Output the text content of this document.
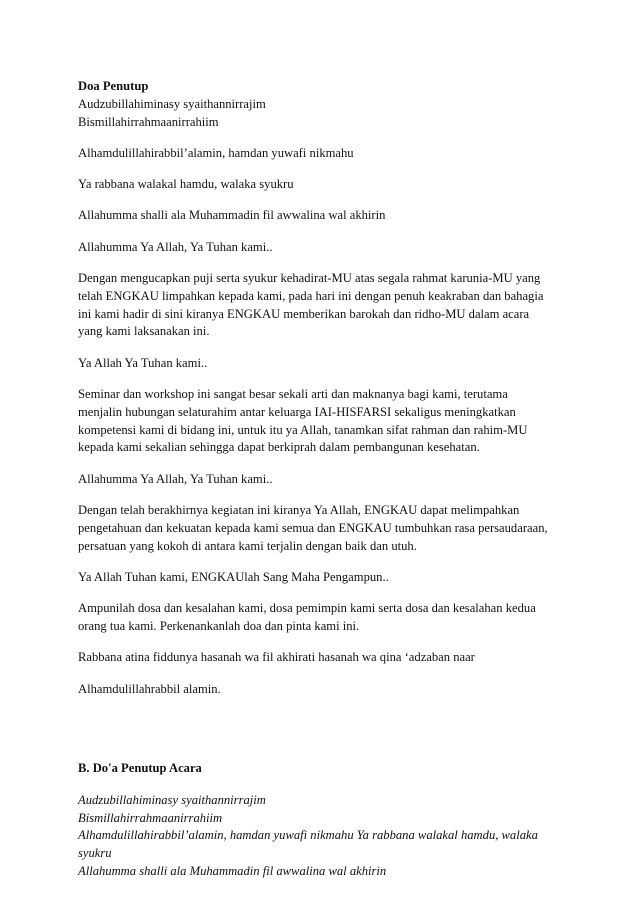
Doa Penutup

Audzubillahiminasy syaithannirrajim

Bismillahirrahmaanirrahiim

Alhamdulillahirabbil’alamin, hamdan yuwafi nikmahu

Ya rabbana walakal hamdu, walaka syukru

Allahumma shalli ala Muhammadin fil awwalina wal akhirin

Allahumma Ya Allah, Ya Tuhan kami..

Dengan mengucapkan puji serta syukur kehadirat-MU atas segala rahmat karunia-MU yang

telah ENGKAU limpahkan kepada kami, pada hari ini dengan penuh keakraban dan bahagia

ini kami hadir di sini kiranya ENGKAU memberikan barokah dan ridho-MU dalam acara

yang kami laksanakan ini.

Ya Allah Ya Tuhan kami..

Seminar dan workshop ini sangat besar sekali arti dan maknanya bagi kami, terutama

menjalin hubungan selaturahim antar keluarga IAI-HISFARSI sekaligus meningkatkan

kompetensi kami di bidang ini, untuk itu ya Allah, tanamkan sifat rahman dan rahim-MU

kepada kami sekalian sehingga dapat berkiprah dalam pembangunan kesehatan.

Allahumma Ya Allah, Ya Tuhan kami..

Dengan telah berakhirnya kegiatan ini kiranya Ya Allah, ENGKAU dapat melimpahkan

pengetahuan dan kekuatan kepada kami semua dan ENGKAU tumbuhkan rasa persaudaraan,

persatuan yang kokoh di antara kami terjalin dengan baik dan utuh.

Ya Allah Tuhan kami, ENGKAUlah Sang Maha Pengampun..

Ampunilah dosa dan kesalahan kami, dosa pemimpin kami serta dosa dan kesalahan kedua

orang tua kami. Perkenankanlah doa dan pinta kami ini.

Rabbana atina fiddunya hasanah wa fil akhirati hasanah wa qina ‘adzaban naar

Alhamdulillahrabbil alamin.

B. Do'a Penutup Acara

Audzubillahiminasy syaithannirrajim

Bismillahirrahmaanirrahiim

Alhamdulillahirabbil’alamin, hamdan yuwafi nikmahu Ya rabbana walakal hamdu, walaka

syukru

Allahumma shalli ala Muhammadin fil awwalina wal akhirin
